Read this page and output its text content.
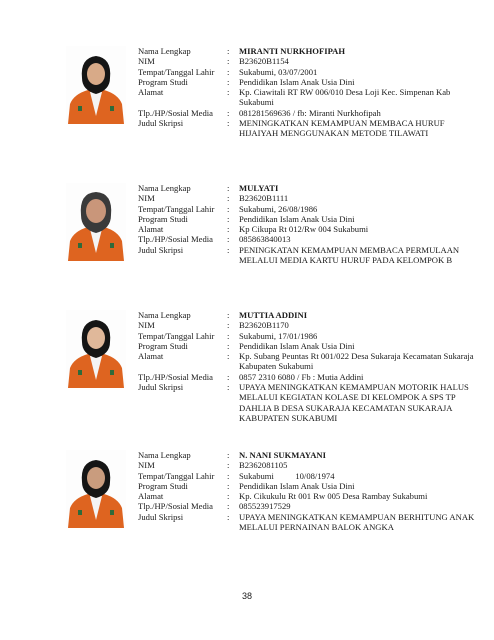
Nama Lengkap	:	MIRANTI NURKHOFIPAH
NIM	:	B23620B1154
Tempat/Tanggal Lahir	:	Sukabumi, 03/07/2001
Program Studi	:	Pendidikan Islam Anak Usia Dini
Alamat	:	Kp. Ciawitali RT RW 006/010 Desa Loji Kec. Simpenan Kab Sukabumi
Tlp./HP/Sosial Media	:	081281569636 / fb: Miranti Nurkhofipah
Judul Skripsi	:	MENINGKATKAN KEMAMPUAN MEMBACA HURUF HIJAIYAH MENGGUNAKAN METODE TILAWATI
Nama Lengkap	:	MULYATI
NIM	:	B23620B1111
Tempat/Tanggal Lahir	:	Sukabumi, 26/08/1986
Program Studi	:	Pendidikan Islam Anak Usia Dini
Alamat	:	Kp Cikupa Rt 012/Rw 004 Sukabumi
Tlp./HP/Sosial Media	:	085863840013
Judul Skripsi	:	PENINGKATAN KEMAMPUAN MEMBACA PERMULAAN MELALUI MEDIA KARTU HURUF PADA KELOMPOK B
Nama Lengkap	:	MUTTIA ADDINI
NIM	:	B23620B1170
Tempat/Tanggal Lahir	:	Sukabumi, 17/01/1986
Program Studi	:	Pendidikan Islam Anak Usia Dini
Alamat	:	Kp. Subang Peuntas Rt 001/022 Desa Sukaraja Kecamatan Sukaraja Kabupaten Sukabumi
Tlp./HP/Sosial Media	:	0857 2310 6080 / Fb : Mutia Addini
Judul Skripsi	:	UPAYA MENINGKATKAN KEMAMPUAN MOTORIK HALUS MELALUI KEGIATAN KOLASE DI KELOMPOK A SPS TP DAHLIA B DESA SUKARAJA KECAMATAN SUKARAJA KABUPATEN SUKABUMI
Nama Lengkap	:	N. NANI SUKMAYANI
NIM	:	B2362081105
Tempat/Tanggal Lahir	:	Sukabumi          10/08/1974
Program Studi	:	Pendidikan Islam Anak Usia Dini
Alamat	:	Kp. Cikukulu Rt 001 Rw 005 Desa Rambay Sukabumi
Tlp./HP/Sosial Media	:	085523917529
Judul Skripsi	:	UPAYA MENINGKATKAN KEMAMPUAN BERHITUNG ANAK MELALUI PERNAINAN BALOK ANGKA
38
